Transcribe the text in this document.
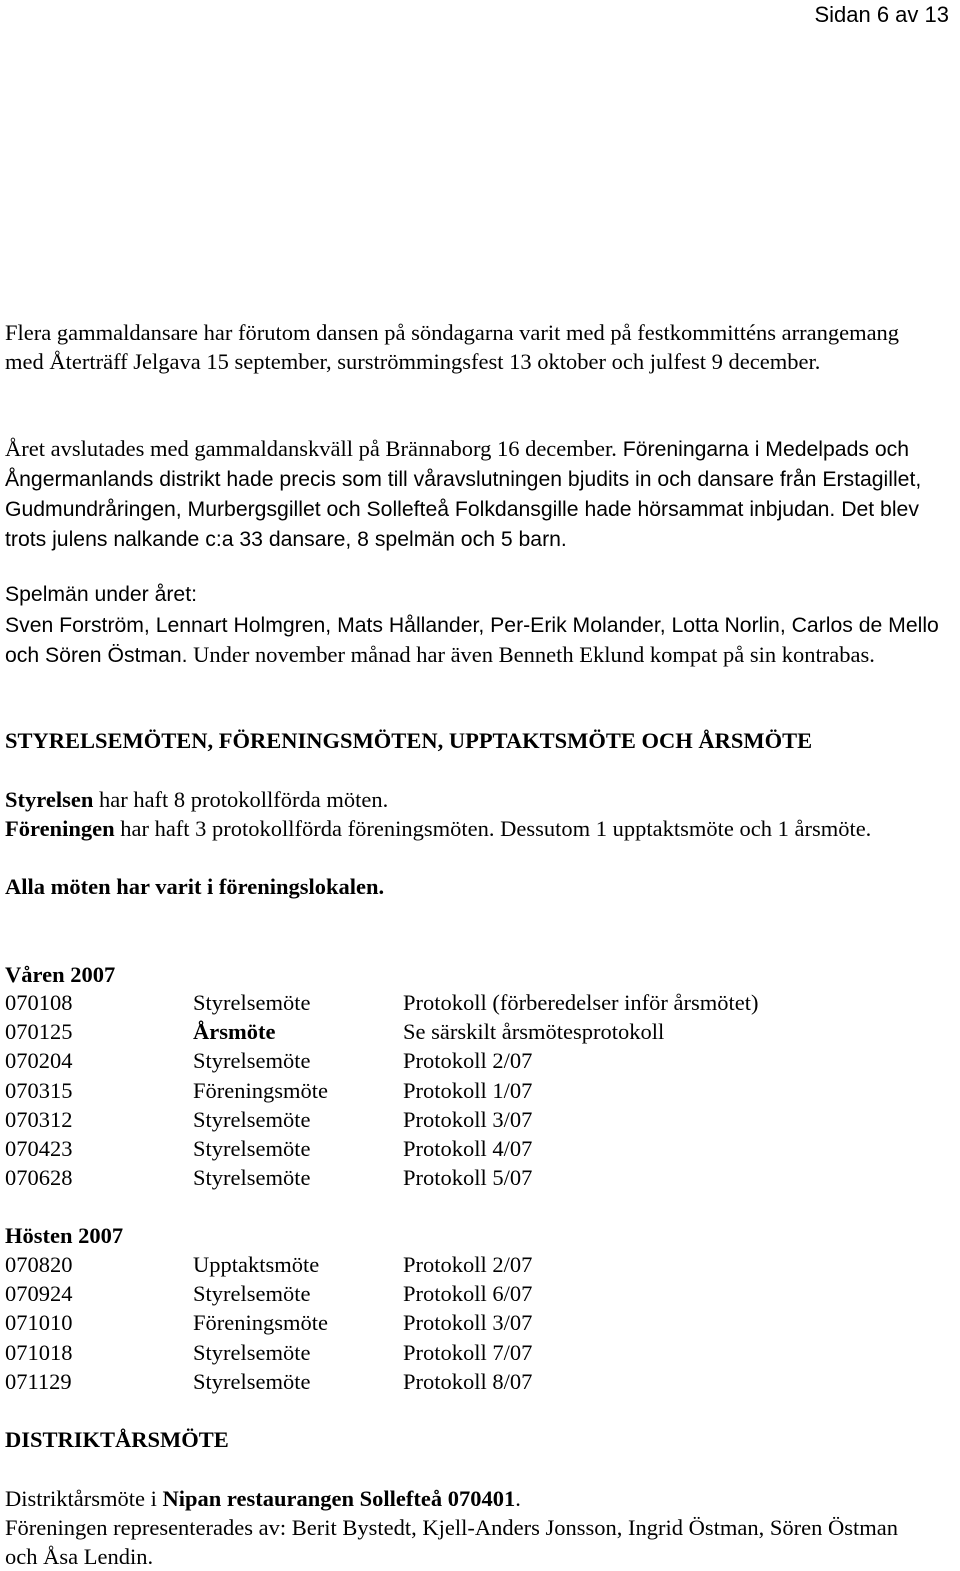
Sidan 6 av 13

Flera gammaldansare har förutom dansen på söndagarna varit med på festkommitténs arrangemang med Återträff Jelgava 15 september, surströmmingsfest 13 oktober och julfest 9 december.

Året avslutades med gammaldanskväll på Brännaborg 16 december. Föreningarna i Medelpads och Ångermanlands distrikt hade precis som till våravslutningen bjudits in och dansare från Erstagillet, Gudmundråringen, Murbergsgillet och Sollefteå Folkdansgille hade hörsammat inbjudan. Det blev trots julens nalkande c:a 33 dansare, 8 spelmän och 5 barn.

Spelmän under året:

Sven Forström, Lennart Holmgren, Mats Hållander, Per-Erik Molander, Lotta Norlin, Carlos de Mello och Sören Östman. Under november månad har även Benneth Eklund kompat på sin kontrabas.

STYRELSEMÖTEN, FÖRENINGSMÖTEN, UPPTAKTSMÖTE OCH ÅRSMÖTE

Styrelsen har haft 8 protokollförda möten.

Föreningen har haft 3 protokollförda föreningsmöten. Dessutom 1 upptaktsmöte och 1 årsmöte.

Alla möten har varit i föreningslokalen.

Våren 2007

070108	Styrelsemöte	Protokoll (förberedelser inför årsmötet)
070125	Årsmöte	Se särskilt årsmötesprotokoll
070204	Styrelsemöte	Protokoll 2/07
070315	Föreningsmöte	Protokoll 1/07
070312	Styrelsemöte	Protokoll 3/07
070423	Styrelsemöte	Protokoll 4/07
070628	Styrelsemöte	Protokoll 5/07

Hösten 2007

070820	Upptaktsmöte	Protokoll 2/07
070924	Styrelsemöte	Protokoll 6/07
071010	Föreningsmöte	Protokoll 3/07
071018	Styrelsemöte	Protokoll 7/07
071129	Styrelsemöte	Protokoll 8/07

DISTRIKTÅRSMÖTE

Distriktårsmöte i Nipan restaurangen Sollefteå 070401.

Föreningen representerades av: Berit Bystedt, Kjell-Anders Jonsson, Ingrid Östman, Sören Östman och Åsa Lendin.
